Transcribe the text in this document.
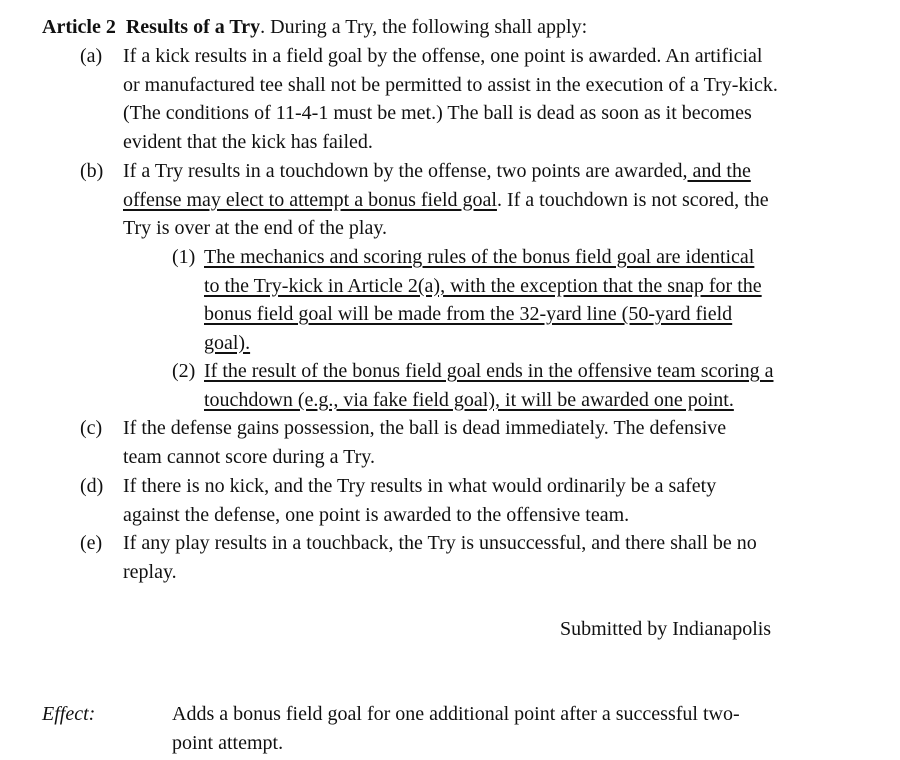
Article 2 Results of a Try. During a Try, the following shall apply:
(a)	If a kick results in a field goal by the offense, one point is awarded. An artificial
or manufactured tee shall not be permitted to assist in the execution of a Try-kick.
(The conditions of 11-4-1 must be met.) The ball is dead as soon as it becomes
evident that the kick has failed.
(b) If a Try results in a touchdown by the offense, two points are awarded, and the
offense may elect to attempt a bonus field goal. If a touchdown is not scored, the
Try is over at the end of the play.
(1) The mechanics and scoring rules of the bonus field goal are identical
to the Try-kick in Article 2(a), with the exception that the snap for the
bonus field goal will be made from the 32-yard line (50-yard field
goal).
(2) If the result of the bonus field goal ends in the offensive team scoring a
touchdown (e.g., via fake field goal), it will be awarded one point.
(c)	If the defense gains possession, the ball is dead immediately. The defensive
team cannot score during a Try.
(d) If there is no kick, and the Try results in what would ordinarily be a safety
against the defense, one point is awarded to the offensive team.
(e)	If any play results in a touchback, the Try is unsuccessful, and there shall be no
replay.
Submitted by Indianapolis
Effect:	Adds a bonus field goal for one additional point after a successful two-
point attempt.
